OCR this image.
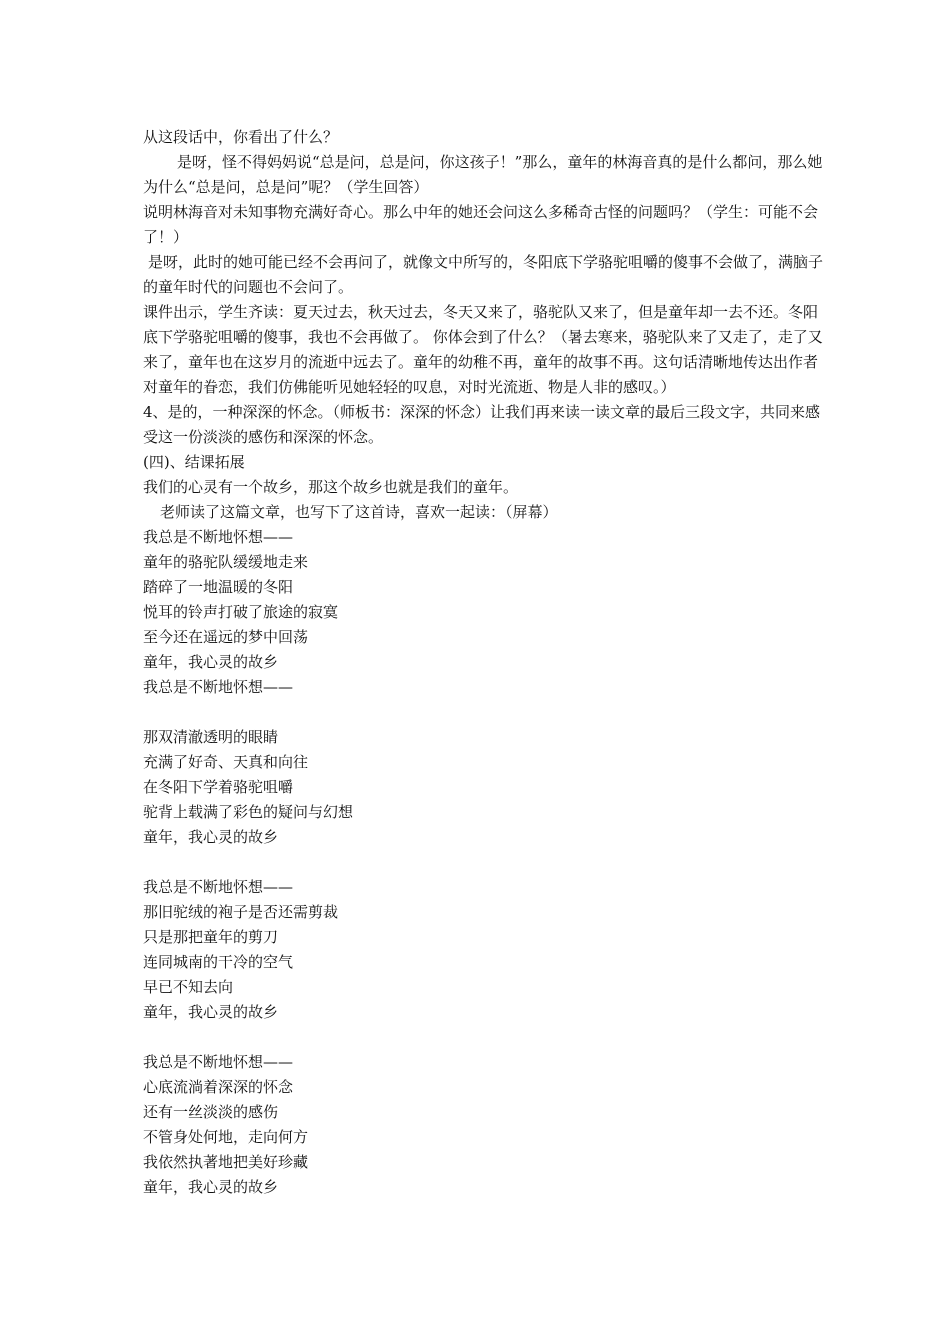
从这段话中，你看出了什么？

是呀，怪不得妈妈说“总是问，总是问，你这孩子！”那么，童年的林海音真的是什么都问，那么她为什么“总是问，总是问”呢？（学生回答）

说明林海音对未知事物充满好奇心。那么中年的她还会问这么多稀奇古怪的问题吗？（学生：可能不会了！）

是呀，此时的她可能已经不会再问了，就像文中所写的，冬阳底下学骆驼咀嚼的傻事不会做了，满脑子的童年时代的问题也不会问了。

课件出示，学生齐读：夏天过去，秋天过去，冬天又来了，骆驼队又来了，但是童年却一去不还。冬阳底下学骆驼咀嚼的傻事，我也不会再做了。 你体会到了什么？（暑去寒来，骆驼队来了又走了，走了又来了，童年也在这岁月的流逝中远去了。童年的幼稚不再，童年的故事不再。这句话清晰地传达出作者对童年的眷恋，我们仿佛能听见她轻轻的叹息，对时光流逝、物是人非的感叹。）

4、是的，一种深深的怀念。（师板书：深深的怀念）让我们再来读一读文章的最后三段文字，共同来感受这一份淡淡的感伤和深深的怀念。

(四)、结课拓展

我们的心灵有一个故乡，那这个故乡也就是我们的童年。

老师读了这篇文章，也写下了这首诗，喜欢一起读：（屏幕）

我总是不断地怀想——

童年的骆驼队缓缓地走来

踏碎了一地温暖的冬阳

悦耳的铃声打破了旅途的寂寞

至今还在遥远的梦中回荡

童年，我心灵的故乡

我总是不断地怀想——

那双清澈透明的眼睛

充满了好奇、天真和向往

在冬阳下学着骆驼咀嚼

驼背上载满了彩色的疑问与幻想

童年，我心灵的故乡

我总是不断地怀想——

那旧驼绒的袍子是否还需剪裁

只是那把童年的剪刀

连同城南的干冷的空气

早已不知去向

童年，我心灵的故乡

我总是不断地怀想——

心底流淌着深深的怀念

还有一丝淡淡的感伤

不管身处何地，走向何方

我依然执著地把美好珍藏

童年，我心灵的故乡
